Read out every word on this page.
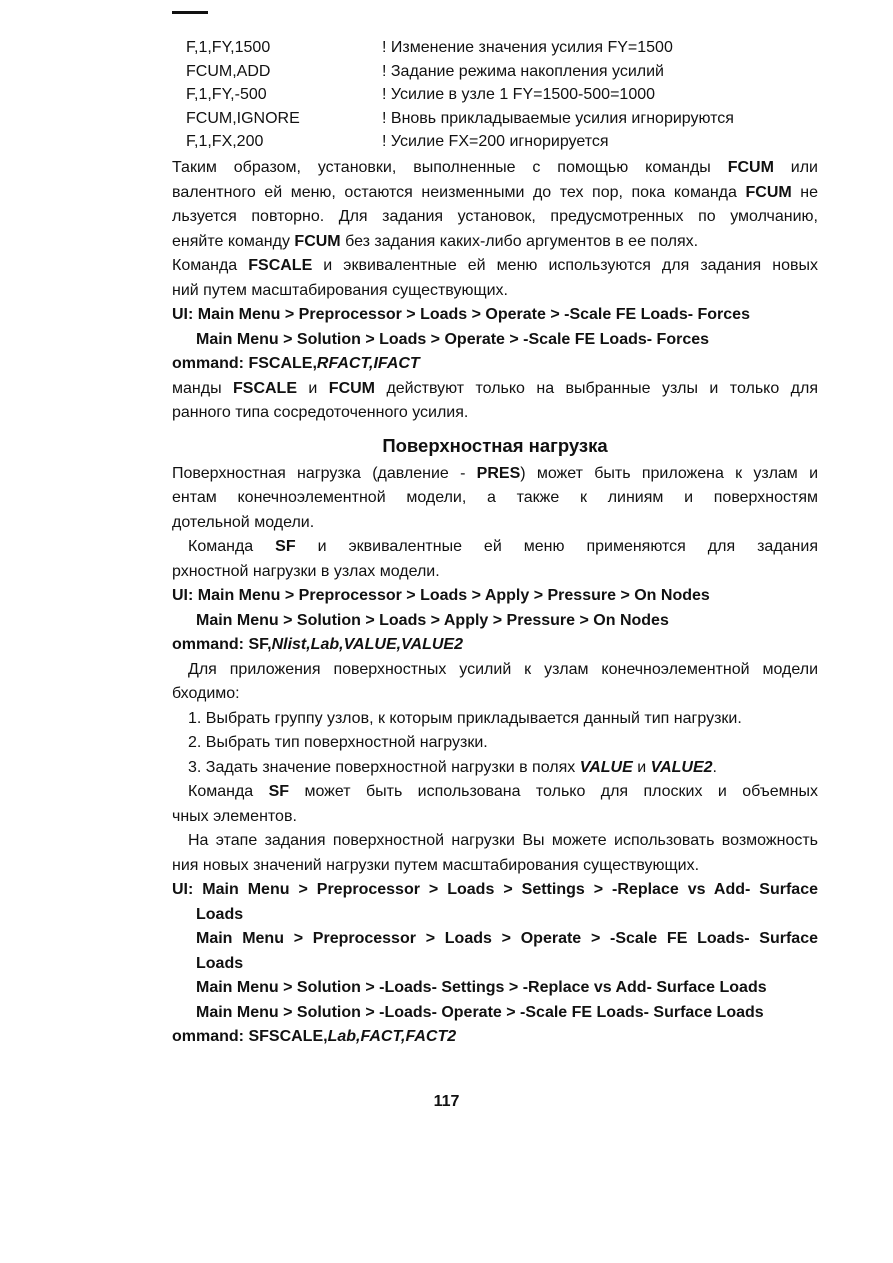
F,1,FY,1500	! Изменение значения усилия FY=1500
FCUM,ADD	! Задание режима накопления усилий
F,1,FY,-500	! Усилие в узле 1 FY=1500-500=1000
FCUM,IGNORE	! Вновь прикладываемые усилия игнорируются
F,1,FX,200	! Усилие FX=200 игнорируется
Таким образом, установки, выполненные с помощью команды FCUM или
валентного ей меню, остаются неизменными до тех пор, пока команда FCUM не
льзуется повторно. Для задания установок, предусмотренных по умолчанию,
еняйте команду FCUM без задания каких-либо аргументов в ее полях.
Команда FSCALE и эквивалентные ей меню используются для задания новых
ний путем масштабирования существующих.
UI: Main Menu > Preprocessor > Loads > Operate > -Scale FE Loads- Forces
Main Menu > Solution > Loads > Operate > -Scale FE Loads- Forces
ommand: FSCALE,RFACT,IFACT
манды FSCALE и FCUM действуют только на выбранные узлы и только для
ранного типа сосредоточенного усилия.
Поверхностная нагрузка
Поверхностная нагрузка (давление - PRES) может быть приложена к узлам и
ентам конечноэлементной модели, а также к линиям и поверхностям
дотельной модели.
Команда SF и эквивалентные ей меню применяются для задания
рхностной нагрузки в узлах модели.
UI: Main Menu > Preprocessor > Loads > Apply > Pressure > On Nodes
Main Menu > Solution > Loads > Apply > Pressure > On Nodes
ommand: SF,Nlist,Lab,VALUE,VALUE2
Для приложения поверхностных усилий к узлам конечноэлементной модели
бходимо:
1. Выбрать группу узлов, к которым прикладывается данный тип нагрузки.
2. Выбрать тип поверхностной нагрузки.
3. Задать значение поверхностной нагрузки в полях VALUE и VALUE2.
Команда SF может быть использована только для плоских и объемных
чных элементов.
На этапе задания поверхностной нагрузки Вы можете использовать возможность
ния новых значений нагрузки путем масштабирования существующих.
UI: Main Menu > Preprocessor > Loads > Settings > -Replace vs Add- Surface
Loads
Main Menu > Preprocessor > Loads > Operate > -Scale FE Loads- Surface
Loads
Main Menu > Solution > -Loads- Settings > -Replace vs Add- Surface Loads
Main Menu > Solution > -Loads- Operate > -Scale FE Loads- Surface Loads
ommand: SFSCALE,Lab,FACT,FACT2
117
